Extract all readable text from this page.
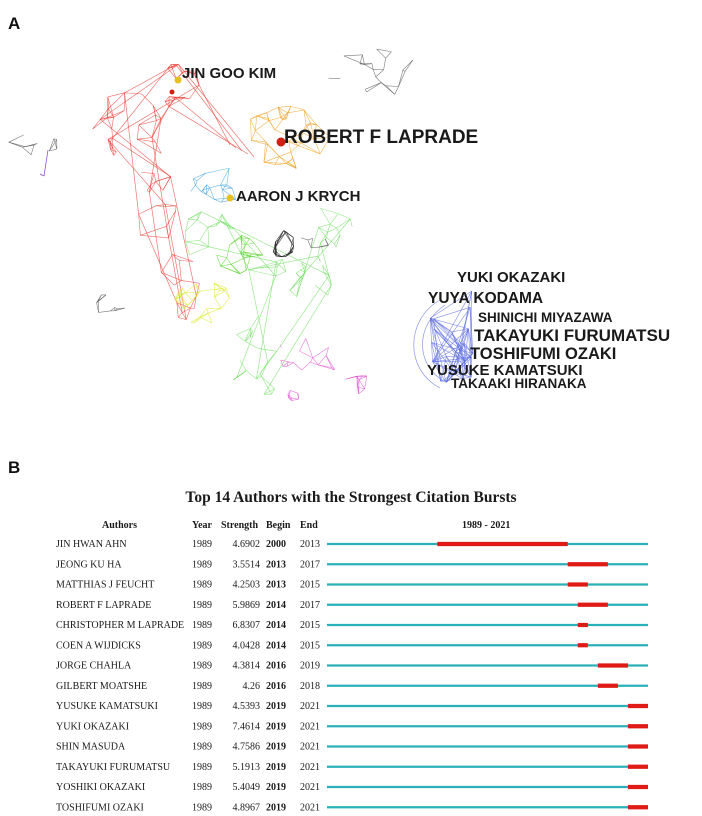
A
B
JIN GOO KIM
ROBERT F LAPRADE
AARON J KRYCH
YUKI OKAZAKI
YUYA KODAMA
SHINICHI MIYAZAWA
TAKAYUKI FURUMATSU
TOSHIFUMI OZAKI
YUSUKE KAMATSUKI
TAKAAKI HIRANAKA
Top 14 Authors with the Strongest Citation Bursts
Authors	Year Strength Begin End	1989 - 2021
JIN HWAN AHN	1989 4.6902 2000 2013
JEONG KU HA	1989 3.5514 2013 2017
MATTHIAS J FEUCHT	1989 4.2503 2013 2015
ROBERT F LAPRADE	1989 5.9869 2014 2017
CHRISTOPHER M LAPRADE 1989 6.8307 2014 2015
COEN A WIJDICKS	1989 4.0428 2014 2015
JORGE CHAHLA	1989 4.3814 2016 2019
GILBERT MOATSHE	1989	4.26 2016 2018
YUSUKE KAMATSUKI	1989 4.5393 2019 2021
YUKI OKAZAKI	1989 7.4614 2019 2021
SHIN MASUDA	1989 4.7586 2019 2021
TAKAYUKI FURUMATSU 1989 5.1913 2019 2021
YOSHIKI OKAZAKI	1989 5.4049 2019 2021
TOSHIFUMI OZAKI	1989 4.8967 2019 2021
